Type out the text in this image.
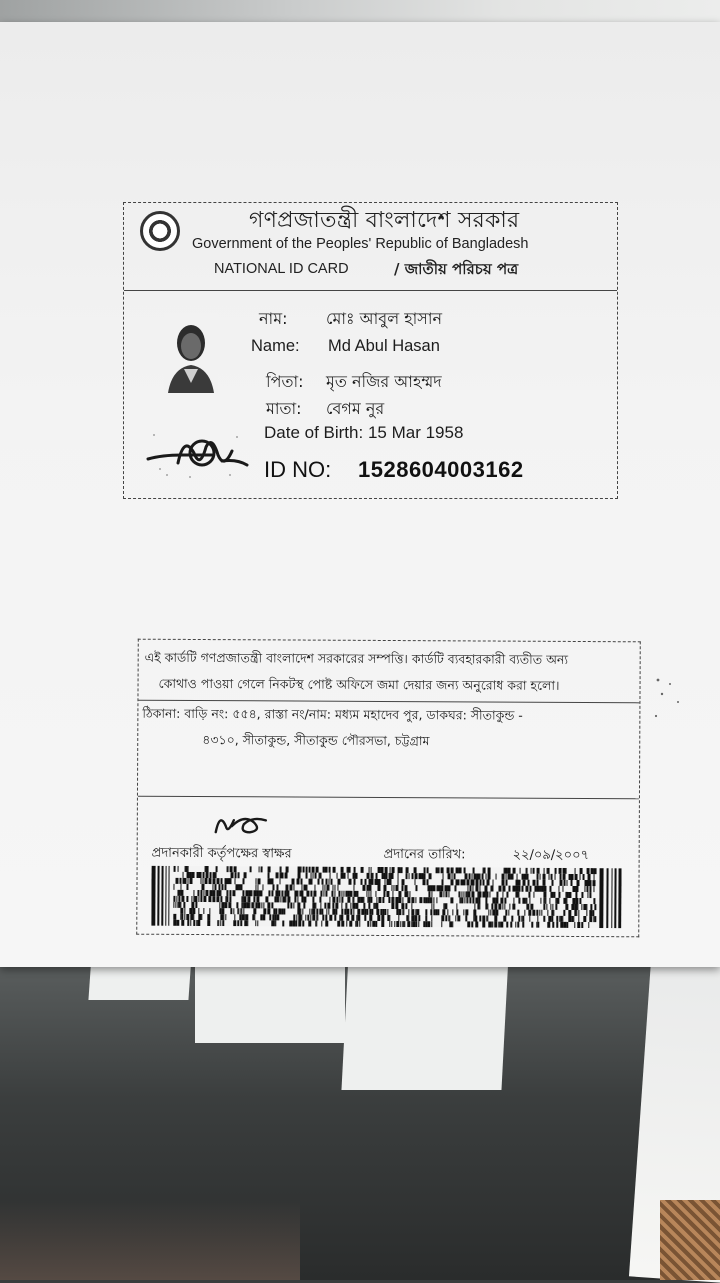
গণপ্রজাতন্ত্রী বাংলাদেশ সরকার
Government of the Peoples' Republic of Bangladesh
NATIONAL ID CARD	/ জাতীয় পরিচয় পত্র
নাম: মোঃ আবুল হাসান
Name: Md Abul Hasan
পিতা: মৃত নজির আহম্মদ
মাতা: বেগম নুর
Date of Birth: 15 Mar 1958
ID NO: 1528604003162
এই কার্ডটি গণপ্রজাতন্ত্রী বাংলাদেশ সরকারের সম্পত্তি। কার্ডটি ব্যবহারকারী ব্যতীত অন্য
কোথাও পাওয়া গেলে নিকটস্থ পোষ্ট অফিসে জমা দেয়ার জন্য অনুরোধ করা হলো।
ঠিকানা: বাড়ি নং: ৫৫৪, রাস্তা নং/নাম: মধ্যম মহাদেব পুর, ডাকঘর: সীতাকুন্ড -
৪৩১০, সীতাকুন্ড, সীতাকুন্ড পৌরসভা, চট্টগ্রাম
প্রদানকারী কর্তৃপক্ষের স্বাক্ষর	প্রদানের তারিখ:	২২/০৯/২০০৭
